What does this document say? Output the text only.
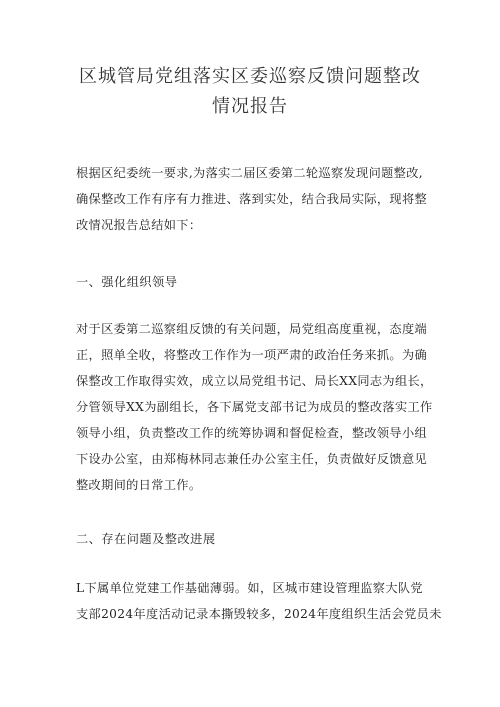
区城管局党组落实区委巡察反馈问题整改
情况报告
根据区纪委统一要求,为落实二届区委第二轮巡察发现问题整改,
确保整改工作有序有力推进、落到实处，结合我局实际，现将整
改情况报告总结如下：
一、强化组织领导
对于区委第二巡察组反馈的有关问题，局党组高度重视，态度端
正，照单全收，将整改工作作为一项严肃的政治任务来抓。为确
保整改工作取得实效，成立以局党组书记、局长XX同志为组长，
分管领导XX为副组长，各下属党支部书记为成员的整改落实工作
领导小组，负责整改工作的统筹协调和督促检查，整改领导小组
下设办公室，由郑梅林同志兼任办公室主任，负责做好反馈意见
整改期间的日常工作。
二、存在问题及整改进展
L下属单位党建工作基础薄弱。如，区城市建设管理监察大队党
支部2024年度活动记录本撕毁较多，2024年度组织生活会党员未
